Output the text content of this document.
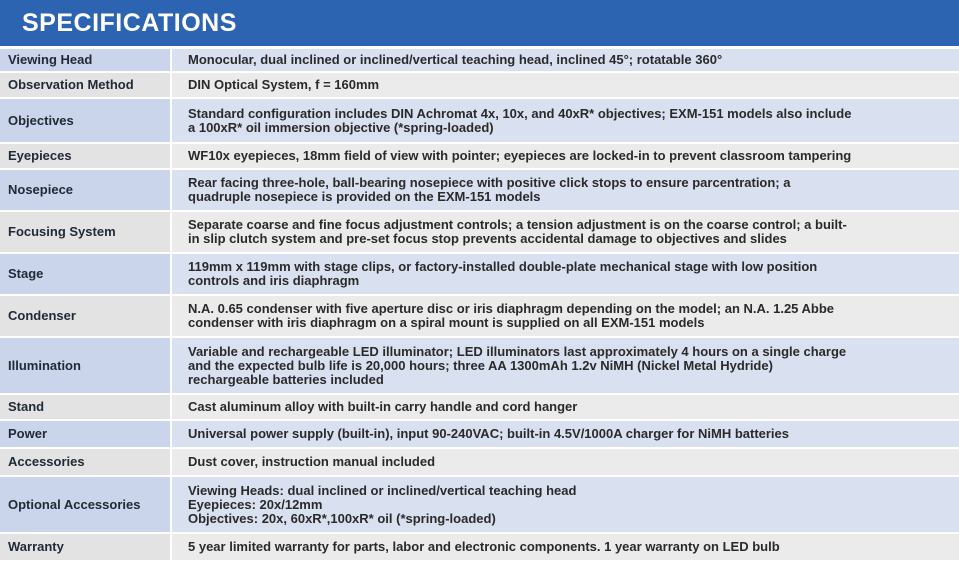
SPECIFICATIONS
Viewing Head	Monocular, dual inclined or inclined/vertical teaching head, inclined 45°; rotatable 360°

Observation Method	DIN Optical System, f = 160mm

Objectives	Standard configuration includes DIN Achromat 4x, 10x, and 40xR* objectives; EXM-151 models also include
a 100xR* oil immersion objective (*spring-loaded)

Eyepieces	WF10x eyepieces, 18mm field of view with pointer; eyepieces are locked-in to prevent classroom tampering

Nosepiece	Rear facing three-hole, ball-bearing nosepiece with positive click stops to ensure parcentration; a
quadruple nosepiece is provided on the EXM-151 models

Focusing System	Separate coarse and fine focus adjustment controls; a tension adjustment is on the coarse control; a built-
in slip clutch system and pre-set focus stop prevents accidental damage to objectives and slides

Stage	119mm x 119mm with stage clips, or factory-installed double-plate mechanical stage with low position
controls and iris diaphragm

Condenser	N.A. 0.65 condenser with five aperture disc or iris diaphragm depending on the model; an N.A. 1.25 Abbe
condenser with iris diaphragm on a spiral mount is supplied on all EXM-151 models

Illumination	Variable and rechargeable LED illuminator; LED illuminators last approximately 4 hours on a single charge
and the expected bulb life is 20,000 hours; three AA 1300mAh 1.2v NiMH (Nickel Metal Hydride)
rechargeable batteries included

Stand	Cast aluminum alloy with built-in carry handle and cord hanger

Power	Universal power supply (built-in), input 90-240VAC; built-in 4.5V/1000A charger for NiMH batteries

Accessories	Dust cover, instruction manual included

Optional Accessories	Viewing Heads: dual inclined or inclined/vertical teaching head
Eyepieces: 20x/12mm
Objectives: 20x, 60xR*,100xR* oil (*spring-loaded)

Warranty	5 year limited warranty for parts, labor and electronic components. 1 year warranty on LED bulb
